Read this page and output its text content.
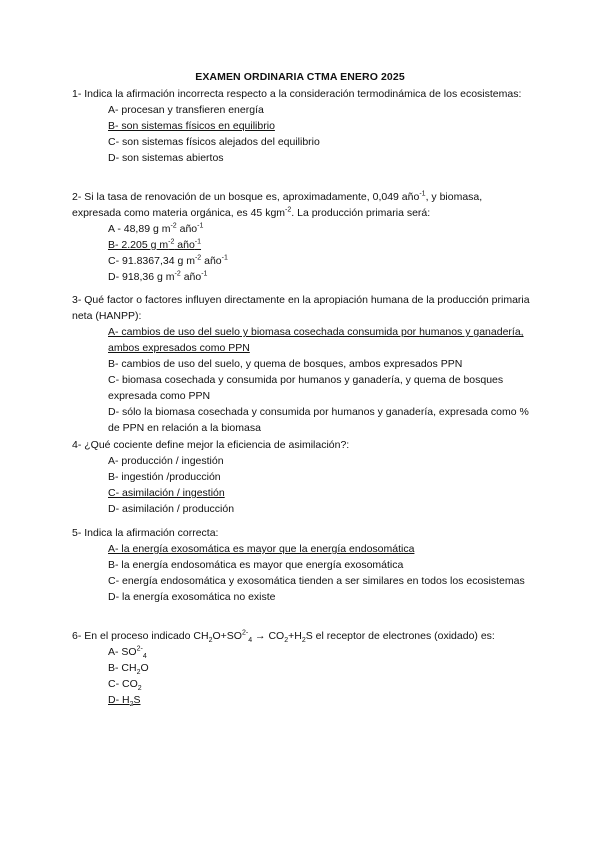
EXAMEN ORDINARIA CTMA ENERO 2025

1- Indica la afirmación incorrecta respecto a la consideración termodinámica de los ecosistemas:

A- procesan y transfieren energía
B- son sistemas físicos en equilibrio
C- son sistemas físicos alejados del equilibrio
D- son sistemas abiertos

2- Si la tasa de renovación de un bosque es, aproximadamente, 0,049 año$^{-1}$, y biomasa, expresada como materia orgánica, es 45 kgm$^{-2}$. La producción primaria será:

A - 48,89 g $m^{-2}$ año$^{-1}$
B- 2.205 g $m^{-2}$ año$^{-1}$
C- 91.8367,34 g $m^{-2}$ año$^{-1}$
D- 918,36 g $m^{-2}$ año$^{-1}$

3- Qué factor o factores influyen directamente en la apropiación humana de la producción primaria neta (HANPP):

A- cambios de uso del suelo y biomasa cosechada consumida por humanos y ganadería, ambos expresados como PPN
B- cambios de uso del suelo, y quema de bosques, ambos expresados PPN
C- biomasa cosechada y consumida por humanos y ganadería, y quema de bosques expresada como PPN
D- sólo la biomasa cosechada y consumida por humanos y ganadería, expresada como % de PPN en relación a la biomasa

4- ¿Qué cociente define mejor la eficiencia de asimilación?:

A- producción / ingestión
B- ingestión /producción
C- asimilación / ingestión
D- asimilación / producción

5- Indica la afirmación correcta:

A- la energía exosomática es mayor que la energía endosomática
B- la energía endosomática es mayor que energía exosomática
C- energía endosomática y exosomática tienden a ser similares en todos los ecosistemas
D- la energía exosomática no existe

6- En el proceso indicado $CH_2O+SO^{2-}_4 \to CO_2+H_2S$ el receptor de electrones (oxidado) es:

A- $SO^{2-}_4$
B- $CH_2O$
C- $CO_2$
D- $H_2S$
